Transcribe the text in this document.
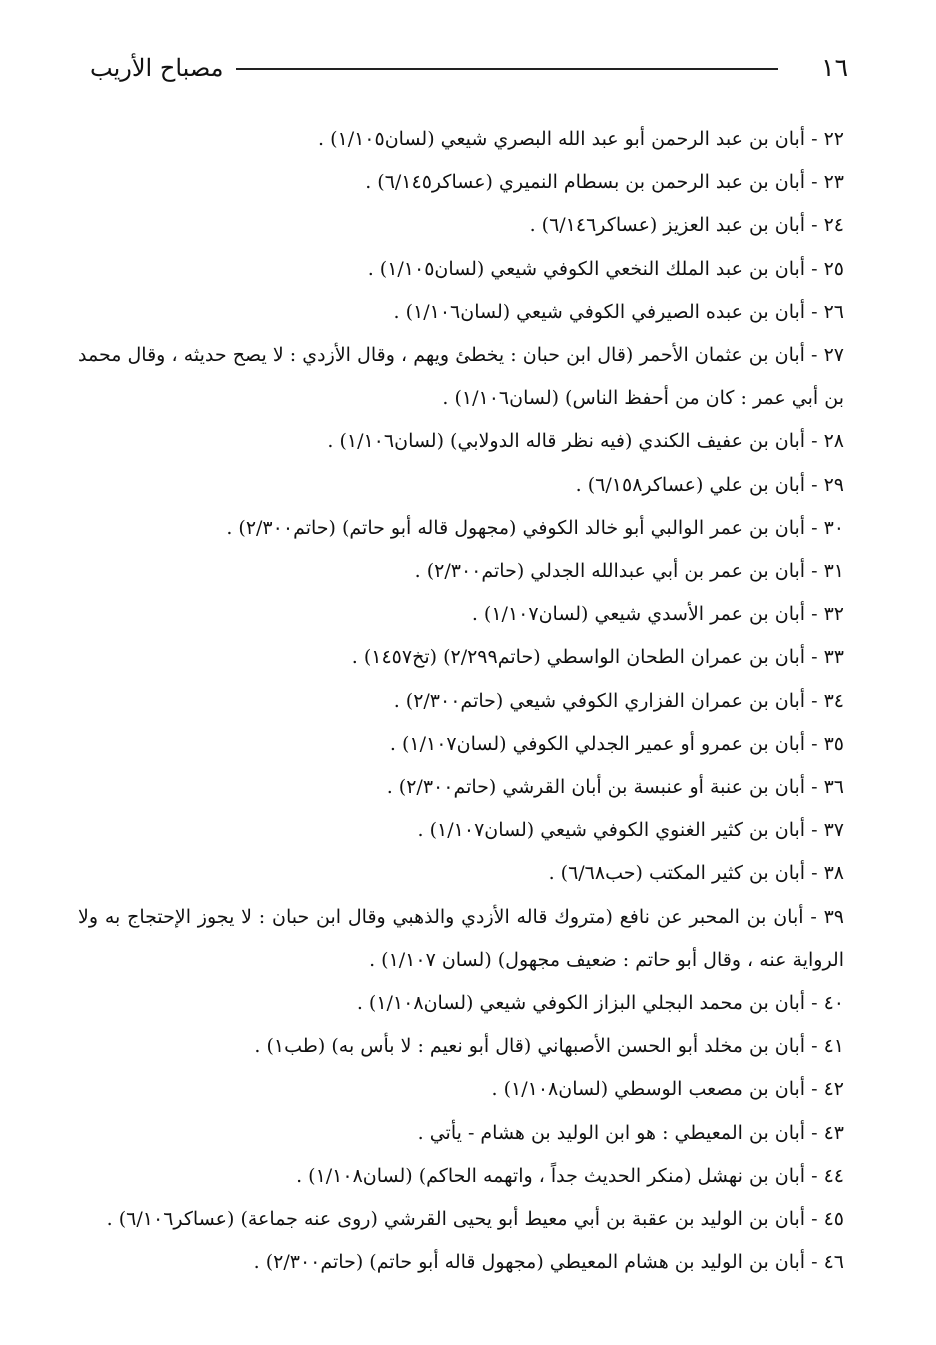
١٦
مصباح الأريب
٢٢ - أبان بن عبد الرحمن أبو عبد الله البصري شيعي (لسان١/١٠٥) .
٢٣ - أبان بن عبد الرحمن بن بسطام النميري (عساكر٦/١٤٥) .
٢٤ - أبان بن عبد العزيز (عساكر٦/١٤٦) .
٢٥ - أبان بن عبد الملك النخعي الكوفي شيعي (لسان١/١٠٥) .
٢٦ - أبان بن عبده الصيرفي الكوفي شيعي (لسان١/١٠٦) .
٢٧ - أبان بن عثمان الأحمر (قال ابن حبان : يخطئ ويهم ، وقال الأزدي : لا يصح حديثه ، وقال محمد بن أبي عمر : كان من أحفظ الناس) (لسان١/١٠٦) .
٢٨ - أبان بن عفيف الكندي (فيه نظر قاله الدولابي) (لسان١/١٠٦) .
٢٩ - أبان بن علي (عساكر٦/١٥٨) .
٣٠ - أبان بن عمر الوالبي أبو خالد الكوفي (مجهول قاله أبو حاتم) (حاتم٢/٣٠٠) .
٣١ - أبان بن عمر بن أبي عبدالله الجدلي (حاتم٢/٣٠٠) .
٣٢ - أبان بن عمر الأسدي شيعي (لسان١/١٠٧) .
٣٣ - أبان بن عمران الطحان الواسطي (حاتم٢/٢٩٩) (تخ١٤٥٧) .
٣٤ - أبان بن عمران الفزاري الكوفي شيعي (حاتم٢/٣٠٠) .
٣٥ - أبان بن عمرو أو عمير الجدلي الكوفي (لسان١/١٠٧) .
٣٦ - أبان بن عنبة أو عنبسة بن أبان القرشي (حاتم٢/٣٠٠) .
٣٧ - أبان بن كثير الغنوي الكوفي شيعي (لسان١/١٠٧) .
٣٨ - أبان بن كثير المكتب (حب٦/٦٨) .
٣٩ - أبان بن المحبر عن نافع (متروك قاله الأزدي والذهبي وقال ابن حبان : لا يجوز الإحتجاج به ولا الرواية عنه ، وقال أبو حاتم : ضعيف مجهول) (لسان ١/١٠٧) .
٤٠ - أبان بن محمد البجلي البزاز الكوفي شيعي (لسان١/١٠٨) .
٤١ - أبان بن مخلد أبو الحسن الأصبهاني (قال أبو نعيم : لا بأس به) (طب١) .
٤٢ - أبان بن مصعب الوسطي (لسان١/١٠٨) .
٤٣ - أبان بن المعيطي : هو ابن الوليد بن هشام - يأتي .
٤٤ - أبان بن نهشل (منكر الحديث جداً ، واتهمه الحاكم) (لسان١/١٠٨) .
٤٥ - أبان بن الوليد بن عقبة بن أبي معيط أبو يحيى القرشي (روى عنه جماعة) (عساكر٦/١٠٦) .
٤٦ - أبان بن الوليد بن هشام المعيطي (مجهول قاله أبو حاتم) (حاتم٢/٣٠٠) .
